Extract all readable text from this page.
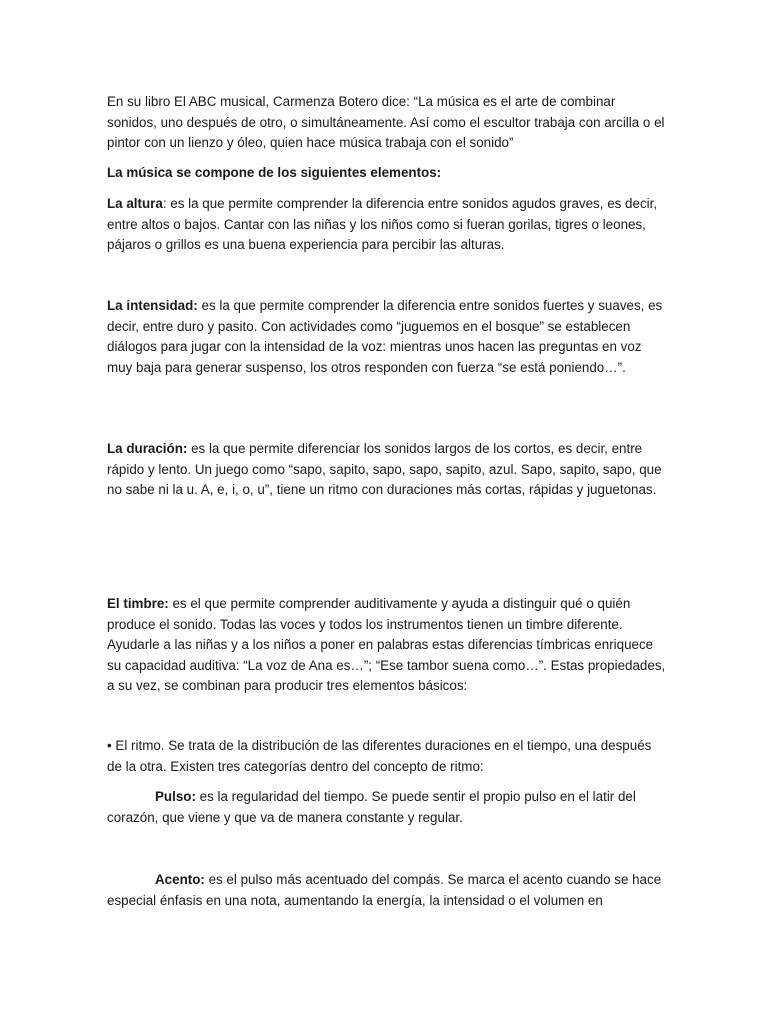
En su libro El ABC musical, Carmenza Botero dice: “La música es el arte de combinar sonidos, uno después de otro, o simultáneamente. Así como el escultor trabaja con arcilla o el pintor con un lienzo y óleo, quien hace música trabaja con el sonido”

La música se compone de los siguientes elementos:

La altura: es la que permite comprender la diferencia entre sonidos agudos graves, es decir, entre altos o bajos. Cantar con las niñas y los niños como si fueran gorilas, tigres o leones, pájaros o grillos es una buena experiencia para percibir las alturas.

La intensidad: es la que permite comprender la diferencia entre sonidos fuertes y suaves, es decir, entre duro y pasito. Con actividades como “juguemos en el bosque” se establecen diálogos para jugar con la intensidad de la voz: mientras unos hacen las preguntas en voz muy baja para generar suspenso, los otros responden con fuerza “se está poniendo…”.

La duración: es la que permite diferenciar los sonidos largos de los cortos, es decir, entre rápido y lento. Un juego como “sapo, sapito, sapo, sapo, sapito, azul. Sapo, sapito, sapo, que no sabe ni la u. A, e, i, o, u”, tiene un ritmo con duraciones más cortas, rápidas y juguetonas.

El timbre: es el que permite comprender auditivamente y ayuda a distinguir qué o quién produce el sonido. Todas las voces y todos los instrumentos tienen un timbre diferente. Ayudarle a las niñas y a los niños a poner en palabras estas diferencias tímbricas enriquece su capacidad auditiva: “La voz de Ana es…”; “Ese tambor suena como…”. Estas propiedades, a su vez, se combinan para producir tres elementos básicos:

• El ritmo. Se trata de la distribución de las diferentes duraciones en el tiempo, una después de la otra. Existen tres categorías dentro del concepto de ritmo:

Pulso: es la regularidad del tiempo. Se puede sentir el propio pulso en el latir del corazón, que viene y que va de manera constante y regular.

Acento: es el pulso más acentuado del compás. Se marca el acento cuando se hace especial énfasis en una nota, aumentando la energía, la intensidad o el volumen en
